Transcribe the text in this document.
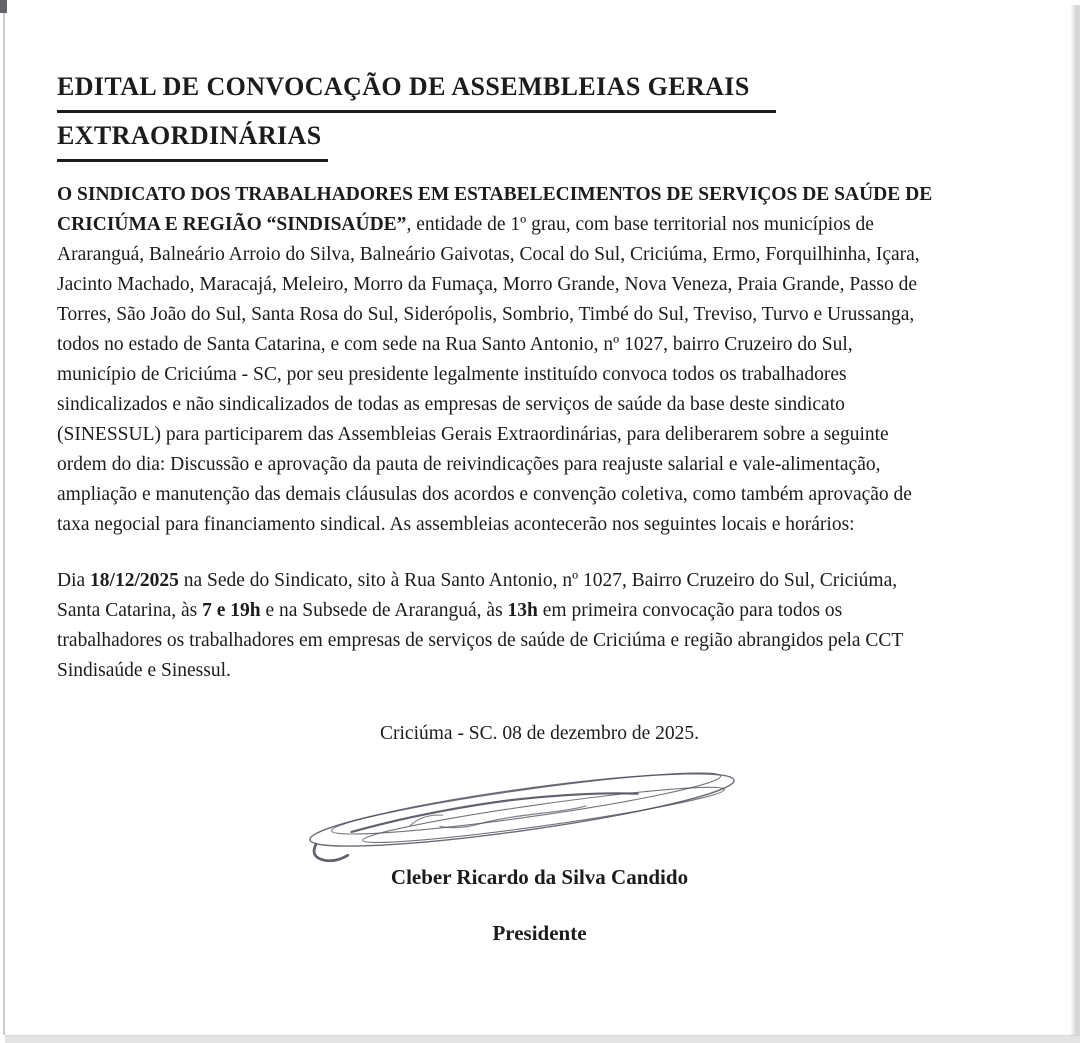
EDITAL DE CONVOCAÇÃO DE ASSEMBLEIAS GERAIS
EXTRAORDINÁRIAS
O SINDICATO DOS TRABALHADORES EM ESTABELECIMENTOS DE SERVIÇOS DE SAÚDE DE
CRICIÚMA E REGIÃO “SINDISAÚDE”, entidade de 1º grau, com base territorial nos municípios de
Araranguá, Balneário Arroio do Silva, Balneário Gaivotas, Cocal do Sul, Criciúma, Ermo, Forquilhinha, Içara,
Jacinto Machado, Maracajá, Meleiro, Morro da Fumaça, Morro Grande, Nova Veneza, Praia Grande, Passo de
Torres, São João do Sul, Santa Rosa do Sul, Siderópolis, Sombrio, Timbé do Sul, Treviso, Turvo e Urussanga,
todos no estado de Santa Catarina, e com sede na Rua Santo Antonio, nº 1027, bairro Cruzeiro do Sul,
município de Criciúma - SC, por seu presidente legalmente instituído convoca todos os trabalhadores
sindicalizados e não sindicalizados de todas as empresas de serviços de saúde da base deste sindicato
(SINESSUL) para participarem das Assembleias Gerais Extraordinárias, para deliberarem sobre a seguinte
ordem do dia: Discussão e aprovação da pauta de reivindicações para reajuste salarial e vale-alimentação,
ampliação e manutenção das demais cláusulas dos acordos e convenção coletiva, como também aprovação de
taxa negocial para financiamento sindical. As assembleias acontecerão nos seguintes locais e horários:
Dia 18/12/2025 na Sede do Sindicato, sito à Rua Santo Antonio, nº 1027, Bairro Cruzeiro do Sul, Criciúma,
Santa Catarina, às 7 e 19h e na Subsede de Araranguá, às 13h em primeira convocação para todos os
trabalhadores os trabalhadores em empresas de serviços de saúde de Criciúma e região abrangidos pela CCT
Sindisaúde e Sinessul.
Criciúma - SC. 08 de dezembro de 2025.
Cleber Ricardo da Silva Candido
Presidente
